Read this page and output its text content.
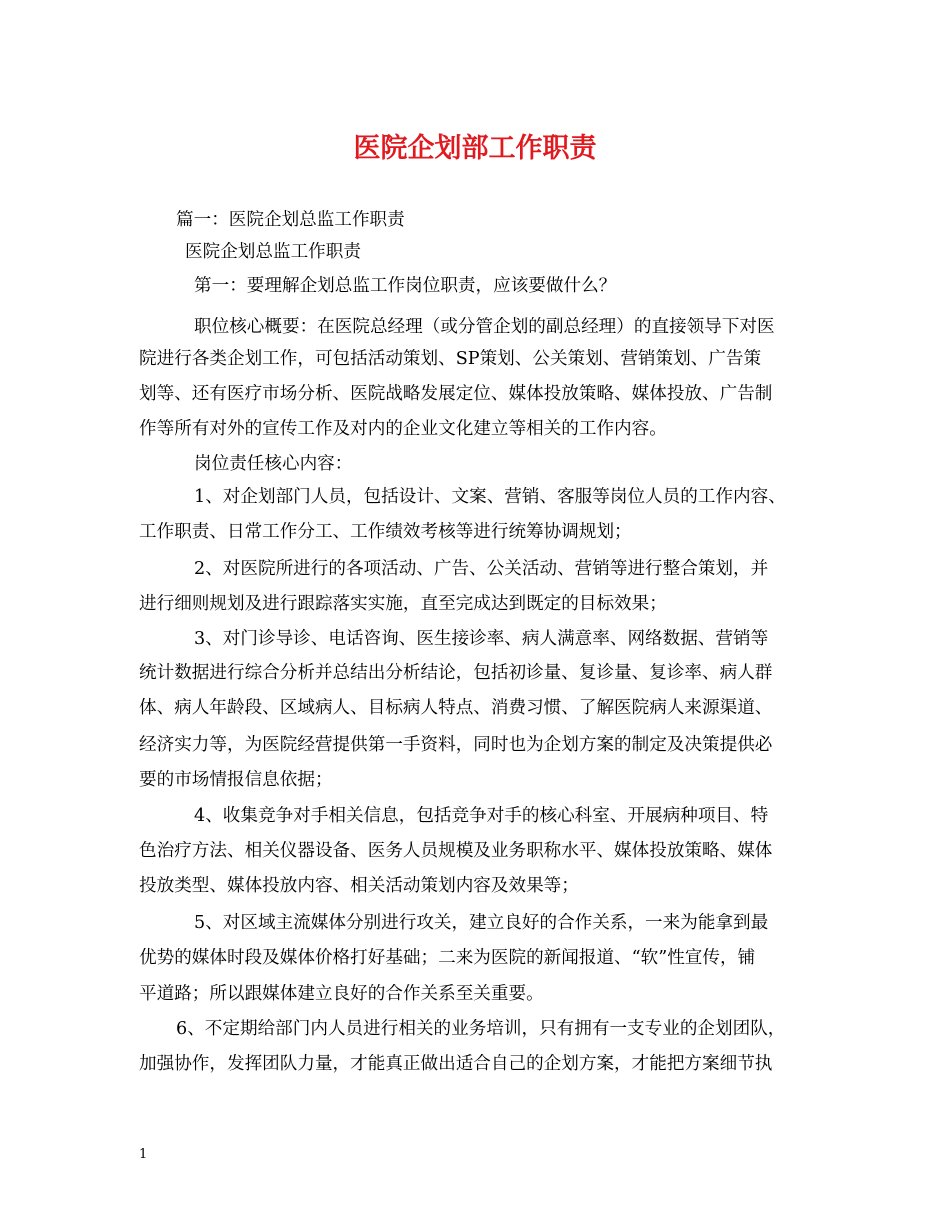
医院企划部工作职责
篇一：医院企划总监工作职责
医院企划总监工作职责
第一：要理解企划总监工作岗位职责，应该要做什么？
职位核心概要：在医院总经理（或分管企划的副总经理）的直接领导下对医
院进行各类企划工作，可包括活动策划、SP策划、公关策划、营销策划、广告策
划等、还有医疗市场分析、医院战略发展定位、媒体投放策略、媒体投放、广告制
作等所有对外的宣传工作及对内的企业文化建立等相关的工作内容。
岗位责任核心内容：
1、对企划部门人员，包括设计、文案、营销、客服等岗位人员的工作内容、
工作职责、日常工作分工、工作绩效考核等进行统筹协调规划；
2、对医院所进行的各项活动、广告、公关活动、营销等进行整合策划，并
进行细则规划及进行跟踪落实实施，直至完成达到既定的目标效果；
3、对门诊导诊、电话咨询、医生接诊率、病人满意率、网络数据、营销等
统计数据进行综合分析并总结出分析结论，包括初诊量、复诊量、复诊率、病人群
体、病人年龄段、区域病人、目标病人特点、消费习惯、了解医院病人来源渠道、
经济实力等，为医院经营提供第一手资料，同时也为企划方案的制定及决策提供必
要的市场情报信息依据；
4、收集竞争对手相关信息，包括竞争对手的核心科室、开展病种项目、特
色治疗方法、相关仪器设备、医务人员规模及业务职称水平、媒体投放策略、媒体
投放类型、媒体投放内容、相关活动策划内容及效果等；
5、对区域主流媒体分别进行攻关，建立良好的合作关系，一来为能拿到最
优势的媒体时段及媒体价格打好基础；二来为医院的新闻报道、“软”性宣传，铺
平道路；所以跟媒体建立良好的合作关系至关重要。
6、不定期给部门内人员进行相关的业务培训，只有拥有一支专业的企划团队，
加强协作，发挥团队力量，才能真正做出适合自己的企划方案，才能把方案细节执
1
